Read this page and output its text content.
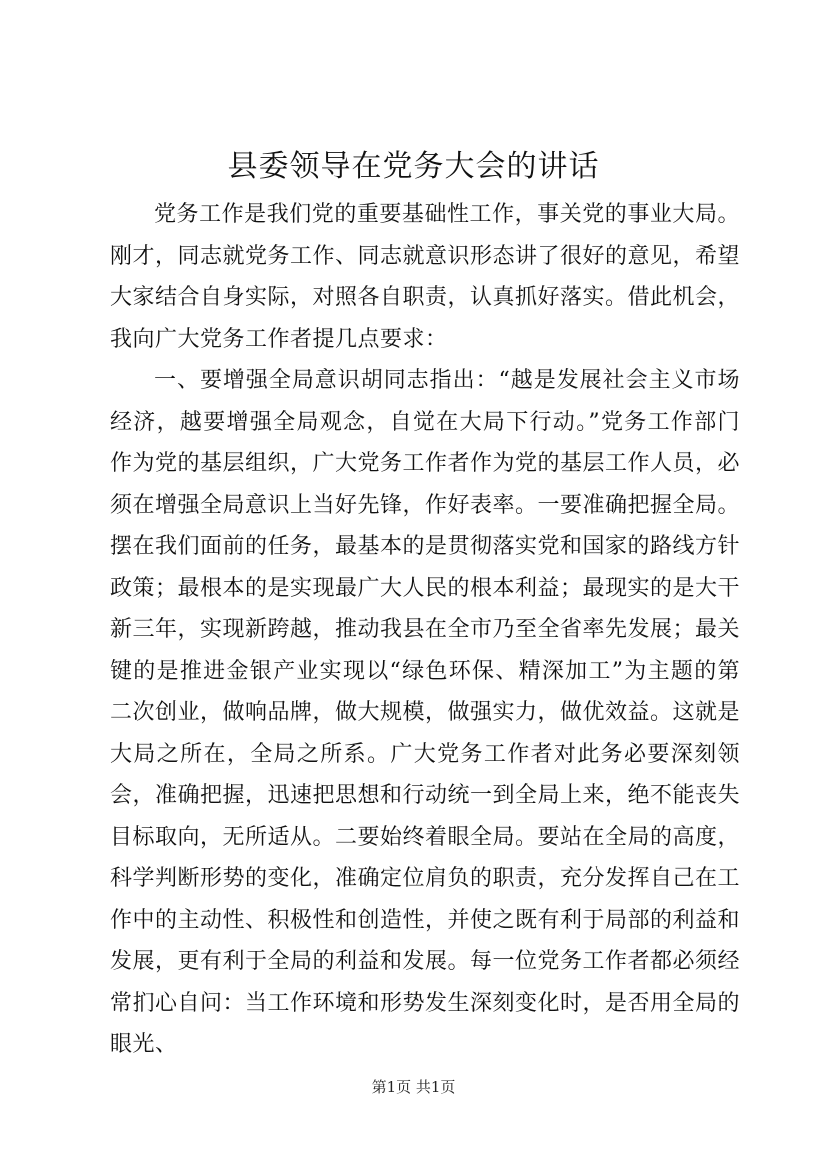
县委领导在党务大会的讲话

党务工作是我们党的重要基础性工作，事关党的事业大局。刚才，同志就党务工作、同志就意识形态讲了很好的意见，希望大家结合自身实际，对照各自职责，认真抓好落实。借此机会，我向广大党务工作者提几点要求：

一、要增强全局意识胡同志指出：“越是发展社会主义市场经济，越要增强全局观念，自觉在大局下行动。”党务工作部门作为党的基层组织，广大党务工作者作为党的基层工作人员，必须在增强全局意识上当好先锋，作好表率。一要准确把握全局。摆在我们面前的任务，最基本的是贯彻落实党和国家的路线方针政策；最根本的是实现最广大人民的根本利益；最现实的是大干新三年，实现新跨越，推动我县在全市乃至全省率先发展；最关键的是推进金银产业实现以“绿色环保、精深加工”为主题的第二次创业，做响品牌，做大规模，做强实力，做优效益。这就是大局之所在，全局之所系。广大党务工作者对此务必要深刻领会，准确把握，迅速把思想和行动统一到全局上来，绝不能丧失目标取向，无所适从。二要始终着眼全局。要站在全局的高度，科学判断形势的变化，准确定位肩负的职责，充分发挥自己在工作中的主动性、积极性和创造性，并使之既有利于局部的利益和发展，更有利于全局的利益和发展。每一位党务工作者都必须经常扪心自问：当工作环境和形势发生深刻变化时，是否用全局的眼光、

第1页 共1页
